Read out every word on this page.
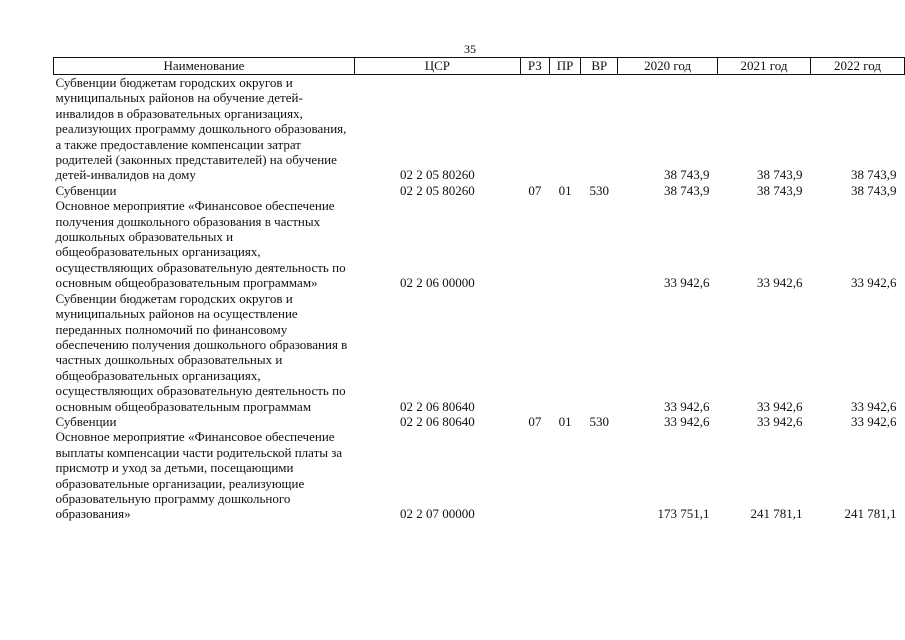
35
Наименование	ЦСР	РЗ	ПР	ВР	2020 год	2021 год	2022 год
Субвенции бюджетам городских округов и муниципальных районов на обучение детей-инвалидов в образовательных организациях, реализующих программу дошкольного образования, а также предоставление компенсации затрат родителей (законных представителей) на обучение детей-инвалидов на дому	02 2 05 80260				38 743,9	38 743,9	38 743,9
Субвенции	02 2 05 80260	07	01	530	38 743,9	38 743,9	38 743,9
Основное мероприятие «Финансовое обеспечение получения дошкольного образования в частных дошкольных образовательных и общеобразовательных организациях, осуществляющих образовательную деятельность по основным общеобразовательным программам»	02 2 06 00000				33 942,6	33 942,6	33 942,6
Субвенции бюджетам городских округов и муниципальных районов на осуществление переданных полномочий по финансовому обеспечению получения дошкольного образования в частных дошкольных образовательных и общеобразовательных организациях, осуществляющих образовательную деятельность по основным общеобразовательным программам	02 2 06 80640				33 942,6	33 942,6	33 942,6
Субвенции	02 2 06 80640	07	01	530	33 942,6	33 942,6	33 942,6
Основное мероприятие «Финансовое обеспечение выплаты компенсации части родительской платы за присмотр и уход за детьми, посещающими образовательные организации, реализующие образовательную программу дошкольного образования»	02 2 07 00000				173 751,1	241 781,1	241 781,1
